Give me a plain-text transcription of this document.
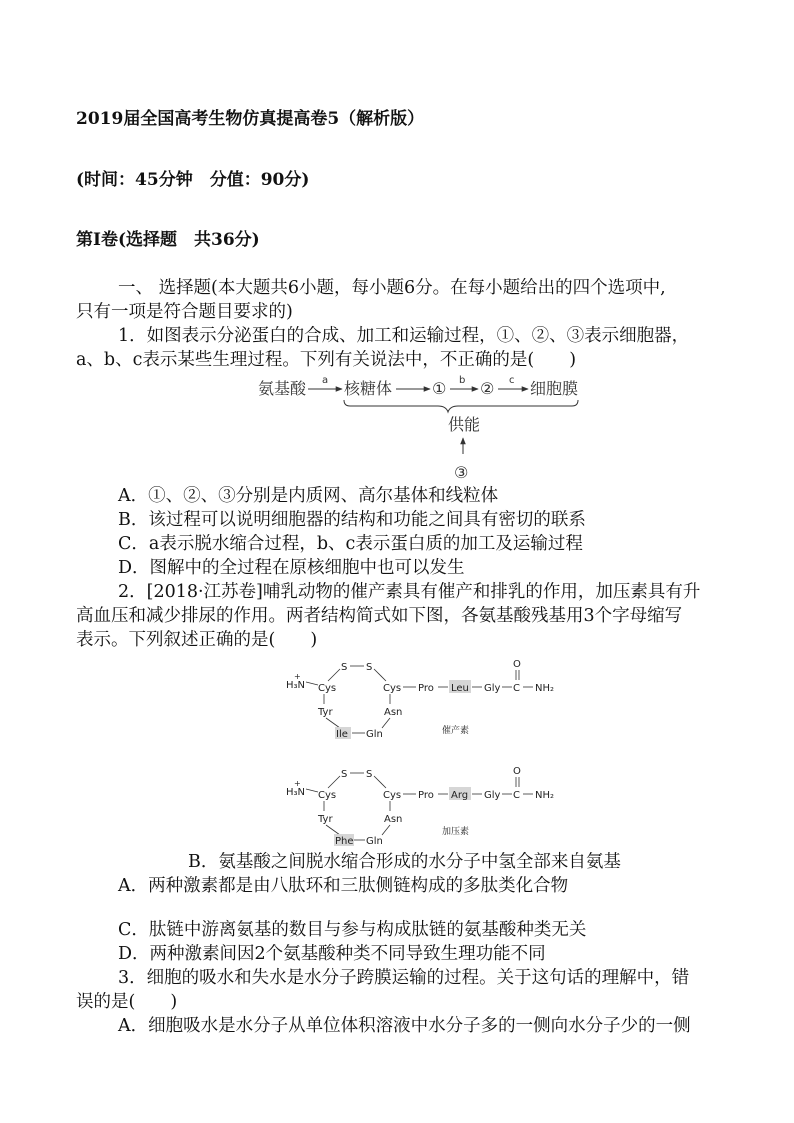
2019届全国高考生物仿真提高卷5（解析版）
(时间：45分钟　分值：90分)
第Ⅰ卷(选择题　共36分)
一、 选择题(本大题共6小题，每小题6分。在每小题给出的四个选项中,
只有一项是符合题目要求的)
1．如图表示分泌蛋白的合成、加工和运输过程，①、②、③表示细胞器，
a、b、c表示某些生理过程。下列有关说法中，不正确的是(　　)
氨基酸 a 核糖体 ① b ② c 细胞膜
供能
③
A．①、②、③分别是内质网、高尔基体和线粒体
B．该过程可以说明细胞器的结构和功能之间具有密切的联系
C．a表示脱水缩合过程，b、c表示蛋白质的加工及运输过程
D．图解中的全过程在原核细胞中也可以发生
2．[2018·江苏卷]哺乳动物的催产素具有催产和排乳的作用，加压素具有升
高血压和减少排尿的作用。两者结构简式如下图，各氨基酸残基用3个字母缩写
表示。下列叙述正确的是(　　)
H₃N
+
Cys
S S
Cys Pro Leu Gly C
O
NH₂
Tyr	Asn
Ile Gln	催产素
H₃N
+
Cys
S S
Cys Pro Arg Gly C
O
NH₂
Tyr	Asn
Phe Gln
加压素
B．氨基酸之间脱水缩合形成的水分子中氢全部来自氨基
A．两种激素都是由八肽环和三肽侧链构成的多肽类化合物
C．肽链中游离氨基的数目与参与构成肽链的氨基酸种类无关
D．两种激素间因2个氨基酸种类不同导致生理功能不同
3．细胞的吸水和失水是水分子跨膜运输的过程。关于这句话的理解中，错
误的是(　　)
A．细胞吸水是水分子从单位体积溶液中水分子多的一侧向水分子少的一侧
